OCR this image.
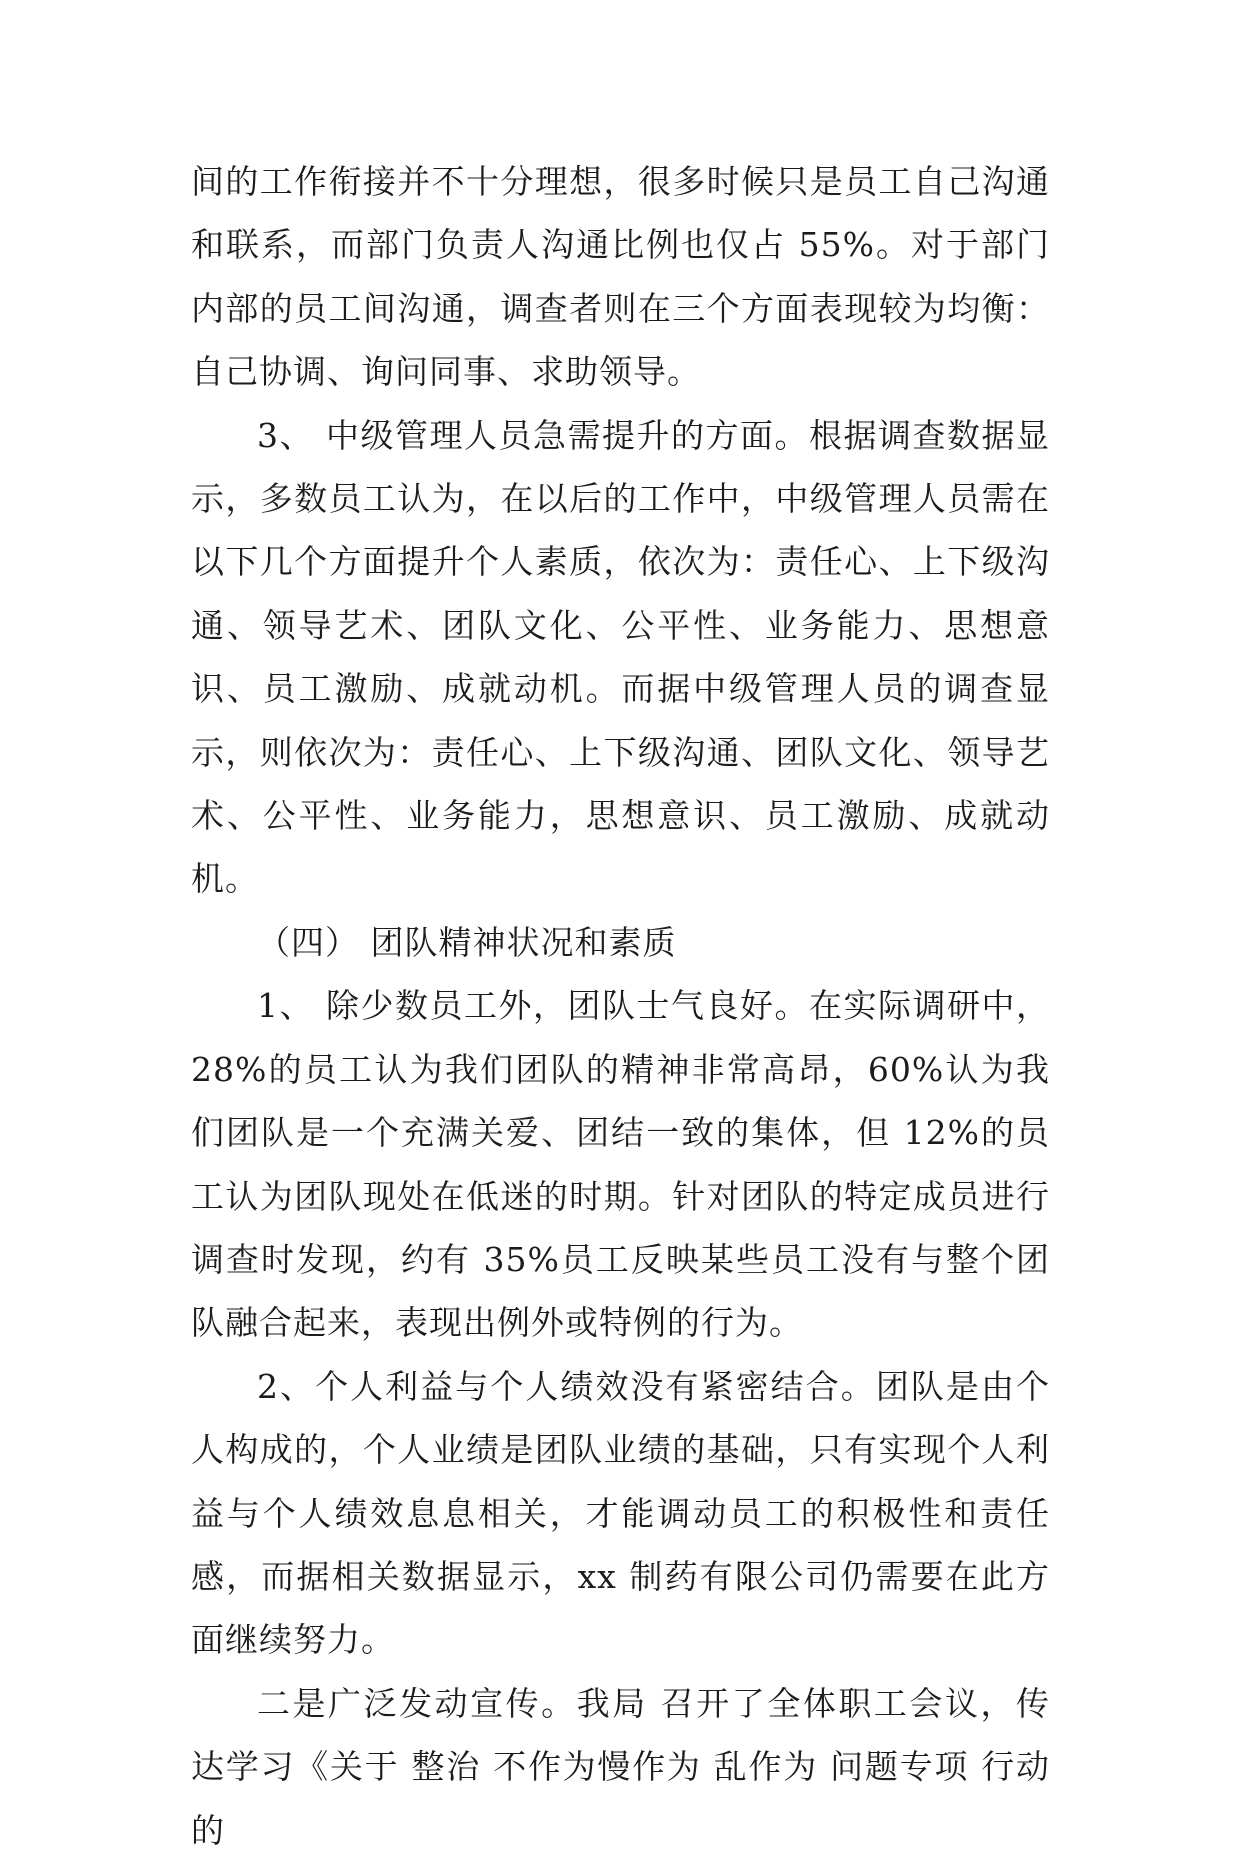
间的工作衔接并不十分理想，很多时候只是员工自己沟通和联系，而部门负责人沟通比例也仅占 55%。对于部门内部的员工间沟通，调查者则在三个方面表现较为均衡：自己协调、询问同事、求助领导。

3、 中级管理人员急需提升的方面。根据调查数据显示，多数员工认为，在以后的工作中，中级管理人员需在以下几个方面提升个人素质，依次为：责任心、上下级沟通、领导艺术、团队文化、公平性、业务能力、思想意识、员工激励、成就动机。而据中级管理人员的调查显示，则依次为：责任心、上下级沟通、团队文化、领导艺术、公平性、业务能力，思想意识、员工激励、成就动机。

（四） 团队精神状况和素质

1、 除少数员工外，团队士气良好。在实际调研中，28%的员工认为我们团队的精神非常高昂，60%认为我们团队是一个充满关爱、团结一致的集体，但 12%的员工认为团队现处在低迷的时期。针对团队的特定成员进行调查时发现，约有 35%员工反映某些员工没有与整个团队融合起来，表现出例外或特例的行为。

2、个人利益与个人绩效没有紧密结合。团队是由个人构成的，个人业绩是团队业绩的基础，只有实现个人利益与个人绩效息息相关，才能调动员工的积极性和责任感，而据相关数据显示，xx 制药有限公司仍需要在此方面继续努力。

二是广泛发动宣传。我局 召开了全体职工会议，传达学习《关于 整治 不作为慢作为 乱作为 问题专项 行动的
